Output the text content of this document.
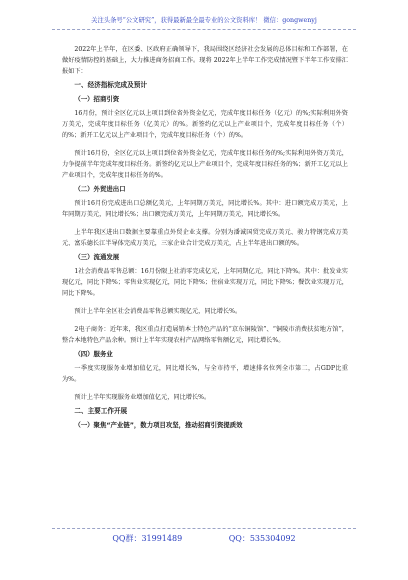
关注头条号“公文研究”，获得最新最全最专业的公文资料库！ 微信：gongwenyj

2022年上半年，在区委、区政府正确领导下，我局围绕区经济社会发展的总体目标和工作部署，在做好疫情防控的基础上，大力推进商务招商工作。现将 2022年上半年工作完成情况暨下半年工作安排汇报如下：

一、经济指标完成及预计
（一）招商引资

16月份，预计全区亿元以上项目到位省外资金亿元，完成年度目标任务（亿元）的%;实际利用外资万美元，完成年度目标任务（亿美元）的%。新签约亿元以上产业项目个，完成年度目标任务（个）的%；新开工亿元以上产业项目个，完成年度目标任务（个）的%。

预计16月份，全区亿元以上项目到位省外资金亿元，完成年度目标任务的%;实际利用外资万美元，力争提前半年完成年度目标任务。新签约亿元以上产业项目个，完成年度目标任务的%；新开工亿元以上产业项目个，完成年度目标任务的%。

（二）外贸进出口

预计16月份完成进出口总额亿美元，上年同期万美元，同比增长%。其中：进口额完成万美元，上年同期万美元，同比增长%；出口额完成万美元，上年同期万美元，同比增长%。

上半年我区进出口数据主要靠重点外贸企业支撑。分别为潘诚国贸完成万美元、骏力特钢完成万美元、富乐德长江半导体完成万美元，三家企业合计完成万美元，占上半年进出口额的%。

（三）流通发展

1社会消费品零售总额：16月份限上社消零完成亿元，上年同期亿元，同比下降%。其中：批发业实现亿元，同比下降%；零售业实现亿元，同比下降%；住宿业实现万元，同比下降%；餐饮业实现万元，同比下降%。

预计上半年全区社会消费品零售总额实现亿元，同比增长%。

2电子商务：近年来，我区重点打造展销本土特色产品的“京东铜陵馆”、“铜陵市消费扶贫地方馆”，整合本地特色产品余种。预计上半年实现农村产品网络零售额亿元，同比增长%。

（四）服务业

一季度实现服务业增加值亿元，同比增长%，与全市持平，增速排名位列全市第二，占GDP比重为%。

预计上半年实现服务业增加值亿元，同比增长%。

二、主要工作开展
（一）聚焦“产业链”，数力项目攻坚，推动招商引资提质效
QQ群：31991489	QQ：535304092
